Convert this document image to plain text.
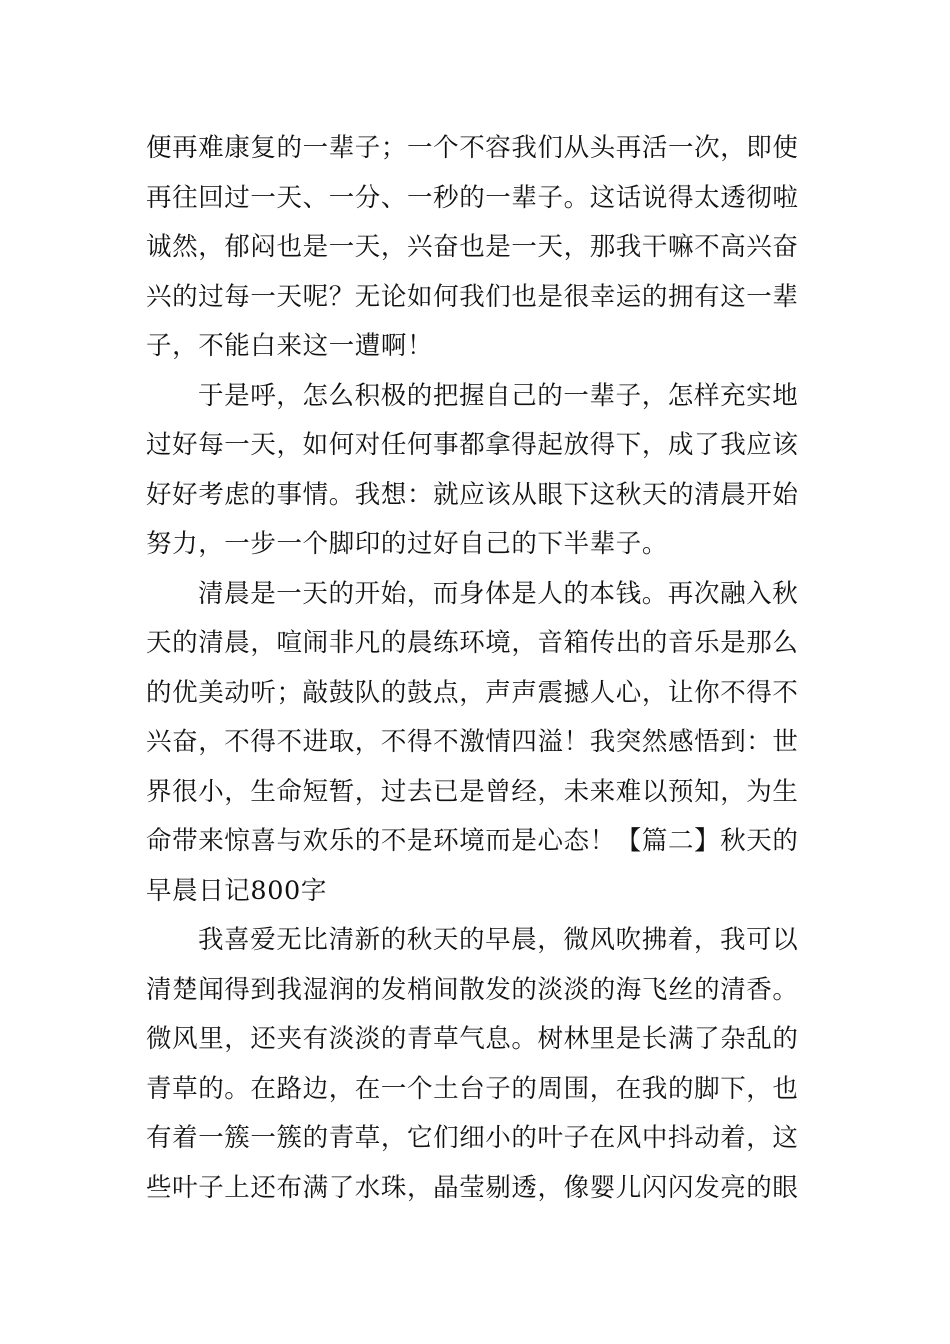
便再难康复的一辈子；一个不容我们从头再活一次，即使
再往回过一天、一分、一秒的一辈子。这话说得太透彻啦
诚然，郁闷也是一天，兴奋也是一天，那我干嘛不高兴奋
兴的过每一天呢？无论如何我们也是很幸运的拥有这一辈
子，不能白来这一遭啊！
于是呼，怎么积极的把握自己的一辈子，怎样充实地
过好每一天，如何对任何事都拿得起放得下，成了我应该
好好考虑的事情。我想：就应该从眼下这秋天的清晨开始
努力，一步一个脚印的过好自己的下半辈子。
清晨是一天的开始，而身体是人的本钱。再次融入秋
天的清晨，喧闹非凡的晨练环境，音箱传出的音乐是那么
的优美动听；敲鼓队的鼓点，声声震撼人心，让你不得不
兴奋，不得不进取，不得不激情四溢！我突然感悟到：世
界很小，生命短暂，过去已是曾经，未来难以预知，为生
命带来惊喜与欢乐的不是环境而是心态！【篇二】秋天的
早晨日记800字
我喜爱无比清新的秋天的早晨，微风吹拂着，我可以
清楚闻得到我湿润的发梢间散发的淡淡的海飞丝的清香。
微风里，还夹有淡淡的青草气息。树林里是长满了杂乱的
青草的。在路边，在一个土台子的周围，在我的脚下，也
有着一簇一簇的青草，它们细小的叶子在风中抖动着，这
些叶子上还布满了水珠，晶莹剔透，像婴儿闪闪发亮的眼
